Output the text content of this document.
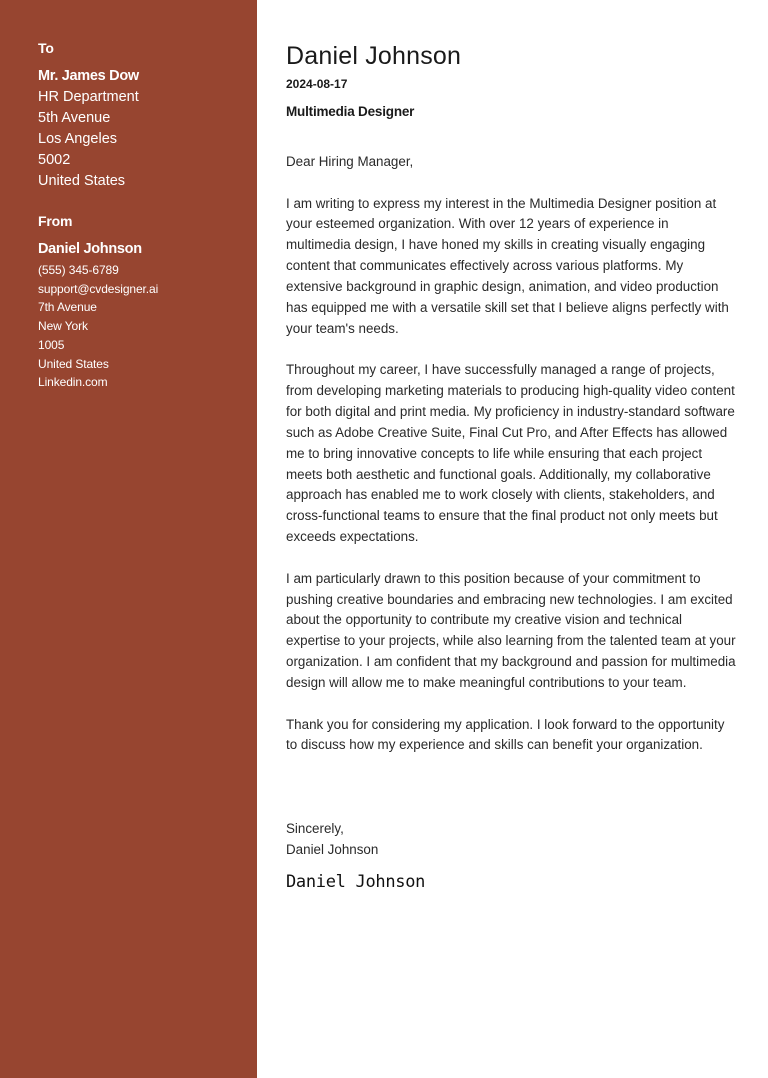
To
Mr. James Dow
HR Department
5th Avenue
Los Angeles
5002
United States
From
Daniel Johnson
(555) 345-6789
support@cvdesigner.ai
7th Avenue
New York
1005
United States
Linkedin.com
Daniel Johnson
2024-08-17
Multimedia Designer

Dear Hiring Manager,

I am writing to express my interest in the Multimedia Designer position at your esteemed organization. With over 12 years of experience in multimedia design, I have honed my skills in creating visually engaging content that communicates effectively across various platforms. My extensive background in graphic design, animation, and video production has equipped me with a versatile skill set that I believe aligns perfectly with your team's needs.

Throughout my career, I have successfully managed a range of projects, from developing marketing materials to producing high-quality video content for both digital and print media. My proficiency in industry-standard software such as Adobe Creative Suite, Final Cut Pro, and After Effects has allowed me to bring innovative concepts to life while ensuring that each project meets both aesthetic and functional goals. Additionally, my collaborative approach has enabled me to work closely with clients, stakeholders, and cross-functional teams to ensure that the final product not only meets but exceeds expectations.

I am particularly drawn to this position because of your commitment to pushing creative boundaries and embracing new technologies. I am excited about the opportunity to contribute my creative vision and technical expertise to your projects, while also learning from the talented team at your organization. I am confident that my background and passion for multimedia design will allow me to make meaningful contributions to your team.

Thank you for considering my application. I look forward to the opportunity to discuss how my experience and skills can benefit your organization.

Sincerely,
Daniel Johnson
Daniel Johnson
